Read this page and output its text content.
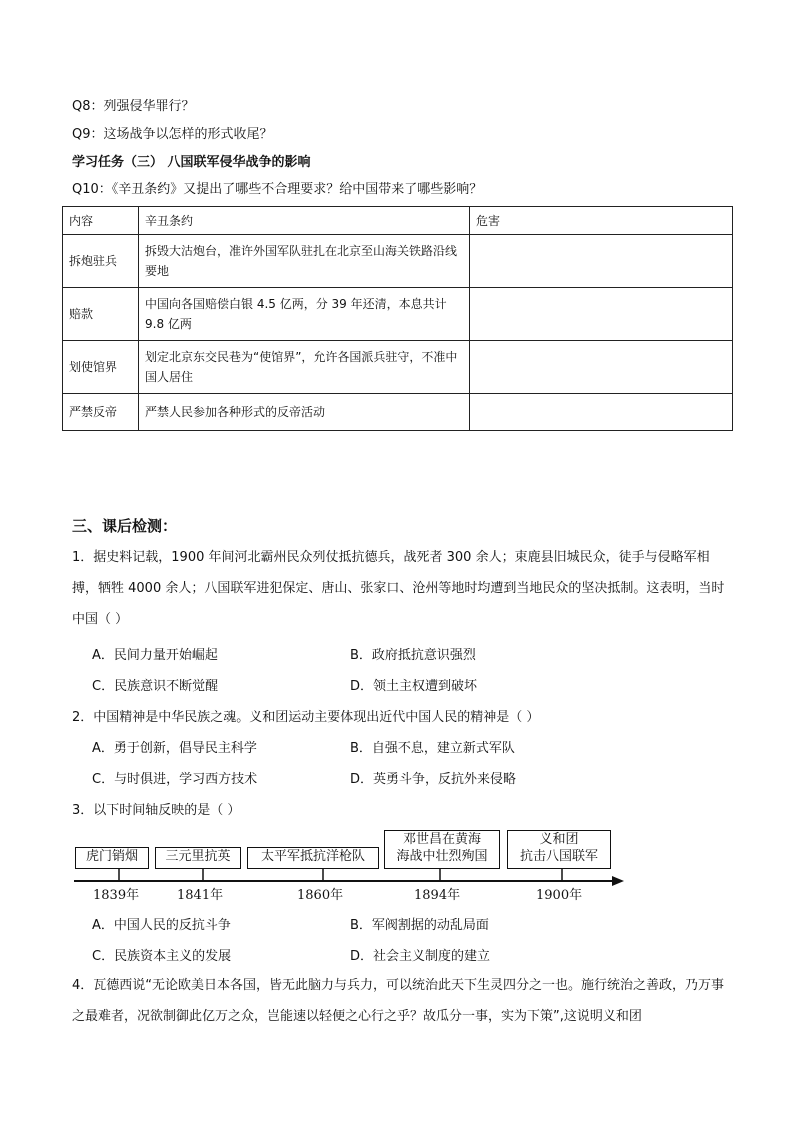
Q8：列强侵华罪行？
Q9：这场战争以怎样的形式收尾？
学习任务（三） 八国联军侵华战争的影响
Q10：《辛丑条约》又提出了哪些不合理要求？给中国带来了哪些影响？
内容	辛丑条约	危害
拆炮驻兵	拆毁大沽炮台，准许外国军队驻扎在北京至山海关铁路沿线要地	
赔款	中国向各国赔偿白银 4.5 亿两，分 39 年还清，本息共计 9.8 亿两	
划使馆界	划定北京东交民巷为“使馆界”，允许各国派兵驻守，不准中国人居住	
严禁反帝	严禁人民参加各种形式的反帝活动	
三、课后检测：
1．据史料记载，1900 年间河北霸州民众列仗抵抗德兵，战死者 300 余人；束鹿县旧城民众，徒手与侵略军相搏，牺牲 4000 余人；八国联军进犯保定、唐山、张家口、沧州等地时均遭到当地民众的坚决抵制。这表明，当时中国（ ）
A．民间力量开始崛起	B．政府抵抗意识强烈
C．民族意识不断觉醒	D．领土主权遭到破坏
2．中国精神是中华民族之魂。义和团运动主要体现出近代中国人民的精神是（ ）
A．勇于创新，倡导民主科学	B．自强不息，建立新式军队
C．与时俱进，学习西方技术	D．英勇斗争，反抗外来侵略
3．以下时间轴反映的是（ ）
虎门销烟	三元里抗英	太平军抵抗洋枪队
邓世昌在黄海
海战中壮烈殉国
义和团
抗击八国联军
1839年	1841年	1860年	1894年	1900年
A．中国人民的反抗斗争	B．军阀割据的动乱局面
C．民族资本主义的发展	D．社会主义制度的建立
4．瓦德西说“无论欧美日本各国，皆无此脑力与兵力，可以统治此天下生灵四分之一也。施行统治之善政，乃万事之最难者，况欲制御此亿万之众，岂能速以轻便之心行之乎？故瓜分一事，实为下策”,这说明义和团
